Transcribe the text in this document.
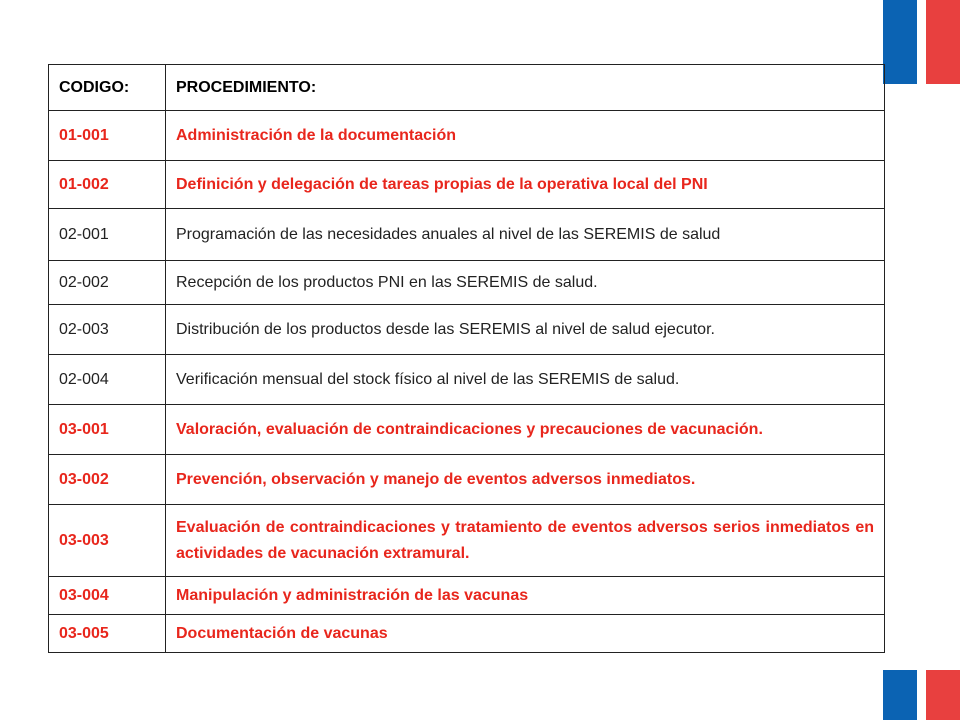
CODIGO:	PROCEDIMIENTO:
01-001	Administración de la documentación
01-002	Definición y delegación de tareas propias de la operativa local del PNI
02-001	Programación de las necesidades anuales al nivel de las SEREMIS de salud
02-002	Recepción de los productos PNI en las SEREMIS de salud.
02-003	Distribución de los productos desde las SEREMIS al nivel de salud ejecutor.
02-004	Verificación mensual del stock físico al nivel de las SEREMIS de salud.
03-001	Valoración, evaluación de contraindicaciones y precauciones de vacunación.
03-002	Prevención, observación y manejo de eventos adversos inmediatos.
03-003	Evaluación de contraindicaciones y tratamiento de eventos adversos serios inmediatos en actividades de vacunación extramural.
03-004	Manipulación y administración de las vacunas
03-005	Documentación de vacunas
